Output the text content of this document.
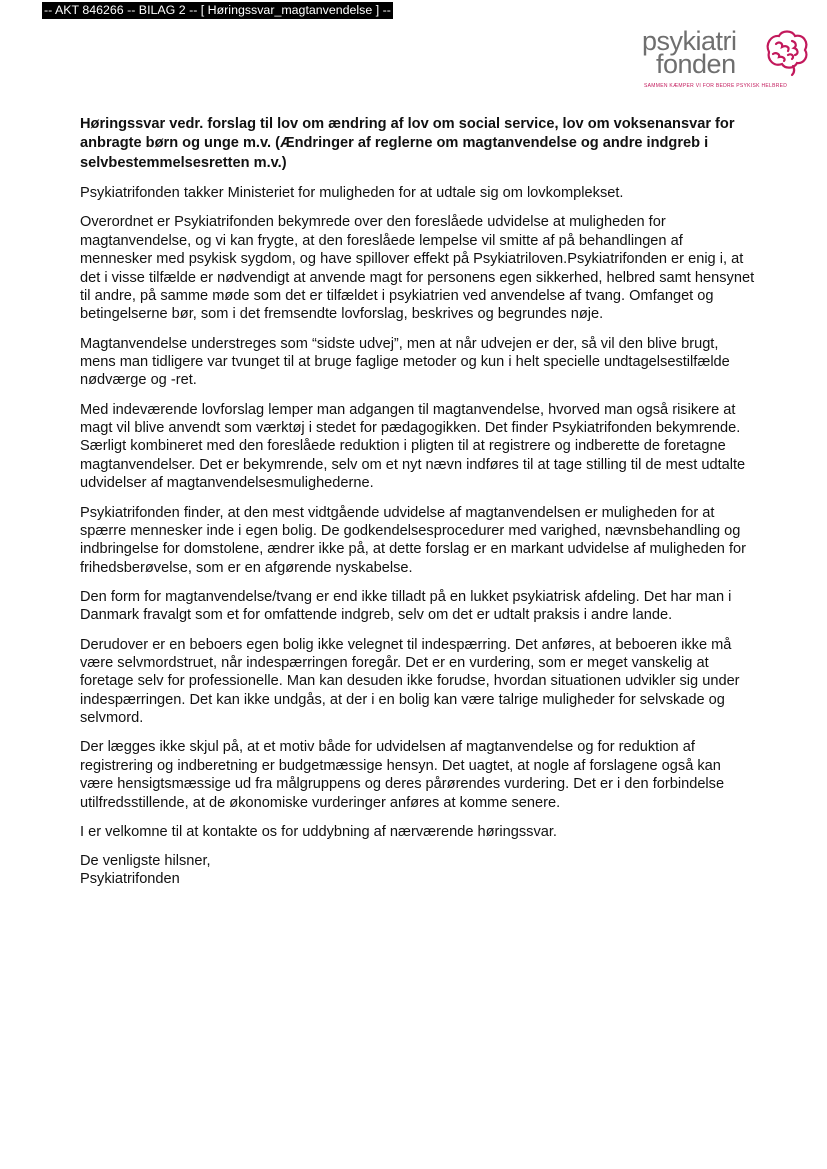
-- AKT 846266 -- BILAG 2 -- [ Høringssvar_magtanvendelse ] --
psykiatri
fonden
SAMMEN KÆMPER VI FOR BEDRE PSYKISK HELBRED

Høringssvar vedr. forslag til lov om ændring af lov om social service, lov om voksenansvar for anbragte børn og unge m.v. (Ændringer af reglerne om magtanvendelse og andre indgreb i selvbestemmelsesretten m.v.)

Psykiatrifonden takker Ministeriet for muligheden for at udtale sig om lovkomplekset.

Overordnet er Psykiatrifonden bekymrede over den foreslåede udvidelse at muligheden for magtanvendelse, og vi kan frygte, at den foreslåede lempelse vil smitte af på behandlingen af mennesker med psykisk sygdom, og have spillover effekt på Psykiatriloven.Psykiatrifonden er enig i, at det i visse tilfælde er nødvendigt at anvende magt for personens egen sikkerhed, helbred samt hensynet til andre, på samme møde som det er tilfældet i psykiatrien ved anvendelse af tvang. Omfanget og betingelserne bør, som i det fremsendte lovforslag, beskrives og begrundes nøje.

Magtanvendelse understreges som “sidste udvej”, men at når udvejen er der, så vil den blive brugt, mens man tidligere var tvunget til at bruge faglige metoder og kun i helt specielle undtagelsestilfælde nødværge og -ret.

Med indeværende lovforslag lemper man adgangen til magtanvendelse, hvorved man også risikere at magt vil blive anvendt som værktøj i stedet for pædagogikken. Det finder Psykiatrifonden bekymrende. Særligt kombineret med den foreslåede reduktion i pligten til at registrere og indberette de foretagne magtanvendelser. Det er bekymrende, selv om et nyt nævn indføres til at tage stilling til de mest udtalte udvidelser af magtanvendelsesmulighederne.

Psykiatrifonden finder, at den mest vidtgående udvidelse af magtanvendelsen er muligheden for at spærre mennesker inde i egen bolig. De godkendelsesprocedurer med varighed, nævnsbehandling og indbringelse for domstolene, ændrer ikke på, at dette forslag er en markant udvidelse af muligheden for frihedsberøvelse, som er en afgørende nyskabelse.

Den form for magtanvendelse/tvang er end ikke tilladt på en lukket psykiatrisk afdeling. Det har man i Danmark fravalgt som et for omfattende indgreb, selv om det er udtalt praksis i andre lande.

Derudover er en beboers egen bolig ikke velegnet til indespærring. Det anføres, at beboeren ikke må være selvmordstruet, når indespærringen foregår. Det er en vurdering, som er meget vanskelig at foretage selv for professionelle. Man kan desuden ikke forudse, hvordan situationen udvikler sig under indespærringen. Det kan ikke undgås, at der i en bolig kan være talrige muligheder for selvskade og selvmord.

Der lægges ikke skjul på, at et motiv både for udvidelsen af magtanvendelse og for reduktion af registrering og indberetning er budgetmæssige hensyn. Det uagtet, at nogle af forslagene også kan være hensigtsmæssige ud fra målgruppens og deres pårørendes vurdering. Det er i den forbindelse utilfredsstillende, at de økonomiske vurderinger anføres at komme senere.

I er velkomne til at kontakte os for uddybning af nærværende høringssvar.

De venligste hilsner,

Psykiatrifonden
